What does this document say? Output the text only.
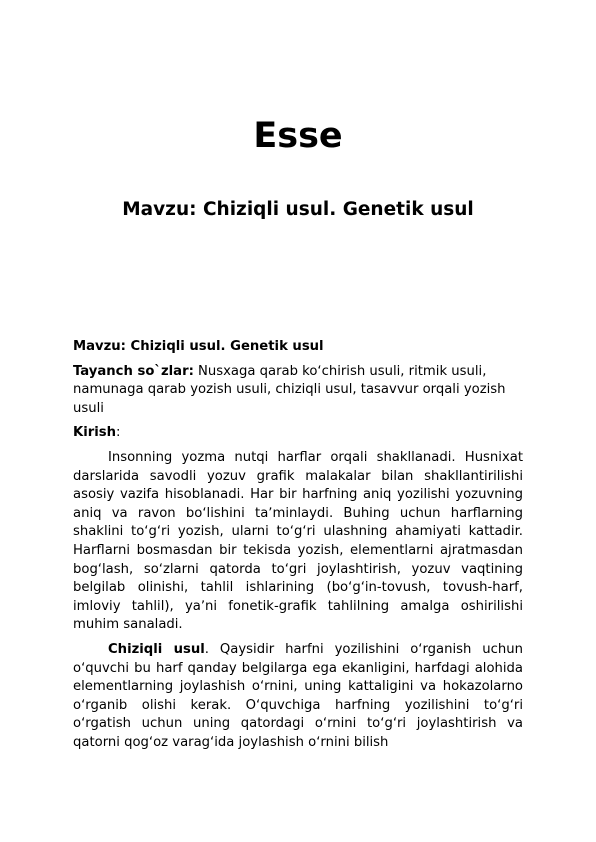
Esse
Mavzu: Chiziqli usul. Genetik usul

Mavzu: Chiziqli usul. Genetik usul

Tayanch so`zlar: Nusxaga qarab koʻchirish usuli, ritmik usuli, namunaga qarab yozish usuli, chiziqli usul, tasavvur orqali yozish usuli

Kirish:

Insonning yozma nutqi harflar orqali shakllanadi. Husnixat darslarida savodli yozuv grafik malakalar bilan shakllantirilishi asosiy vazifa hisoblanadi. Har bir harfning aniq yozilishi yozuvning aniq va ravon boʻlishini taʼminlaydi. Buhing uchun harflarning shaklini toʻgʻri yozish, ularni toʻgʻri ulashning ahamiyati kattadir. Harflarni bosmasdan bir tekisda yozish, elementlarni ajratmasdan bogʻlash, soʻzlarni qatorda toʻgri joylashtirish, yozuv vaqtining belgilab olinishi, tahlil ishlarining (boʻgʻin-tovush, tovush-harf, imloviy tahlil), yaʼni fonetik-grafik tahlilning amalga oshirilishi muhim sanaladi.

Chiziqli usul. Qaysidir harfni yozilishini oʻrganish uchun oʻquvchi bu harf qanday belgilarga ega ekanligini, harfdagi alohida elementlarning joylashish oʻrnini, uning kattaligini va hokazolarno oʻrganib olishi kerak. Oʻquvchiga harfning yozilishini toʻgʻri oʻrgatish uchun uning qatordagi oʻrnini toʻgʻri joylashtirish va qatorni qogʻoz varagʻida joylashish oʻrnini bilish
